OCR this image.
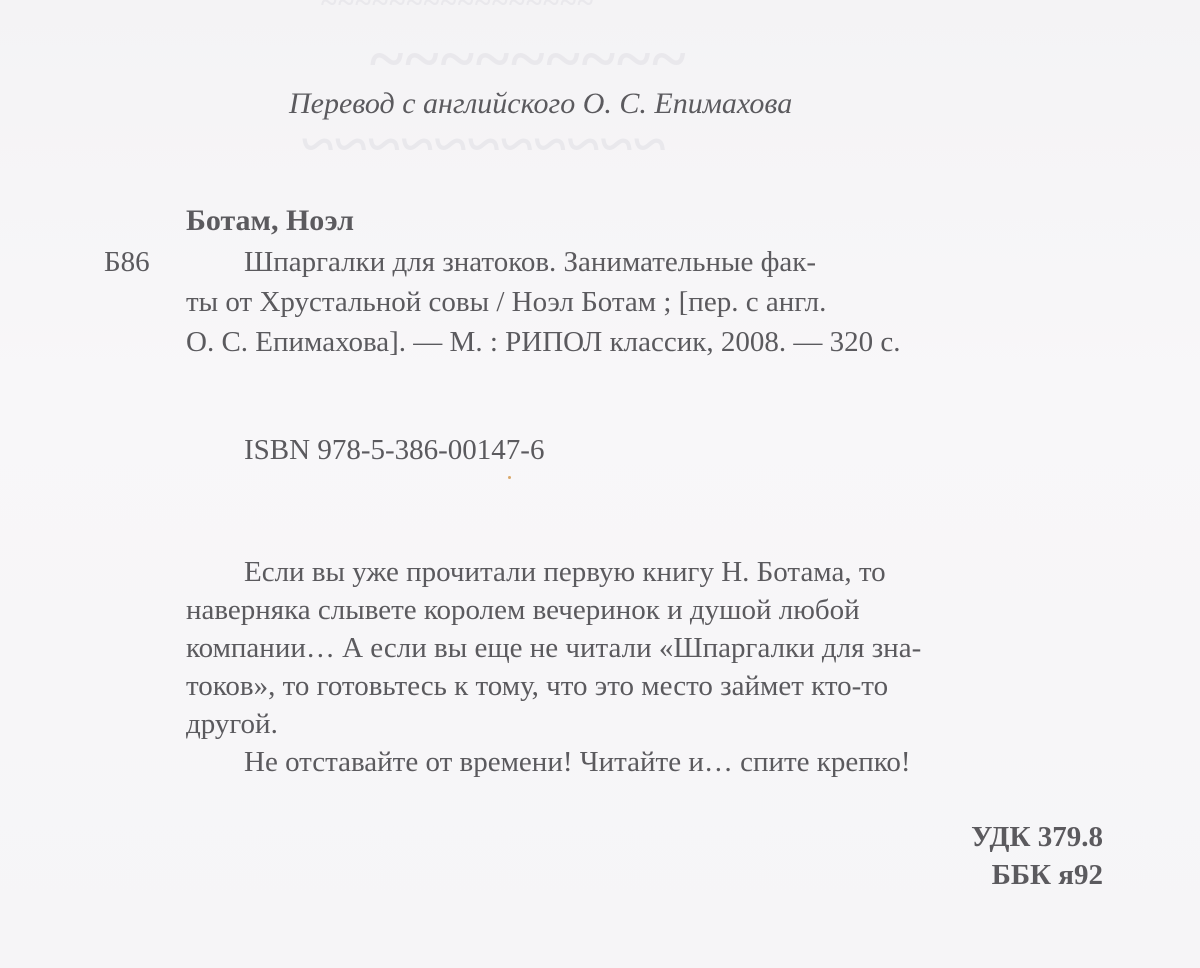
~~~~~~~~~~~~~~~~
~~~~~~~~~
~~~~~~~~~~~
Перевод с английского О. С. Епимахова
Ботам, Ноэл
Б86	Шпаргалки для знатоков. Занимательные фак-
ты от Хрустальной совы / Ноэл Ботам ; [пер. с англ.
О. С. Епимахова]. — М. : РИПОЛ классик, 2008. — 320 с.
ISBN 978-5-386-00147-6
Если вы уже прочитали первую книгу Н. Ботама, то
наверняка слывете королем вечеринок и душой любой
компании… А если вы еще не читали «Шпаргалки для зна-
токов», то готовьтесь к тому, что это место займет кто-то
другой.
Не отставайте от времени! Читайте и… спите крепко!
УДК 379.8
ББК я92
